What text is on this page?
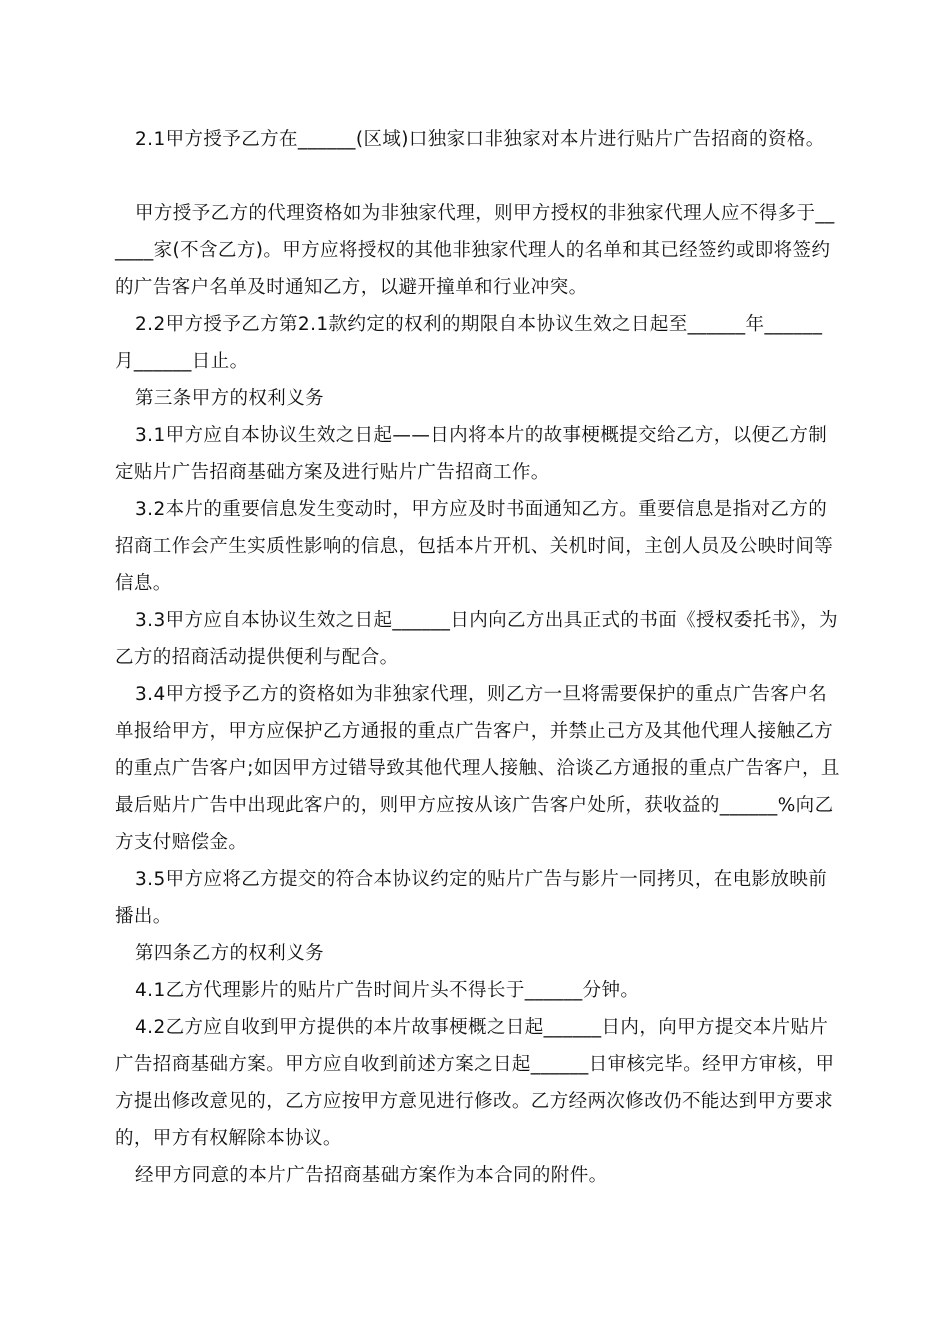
2.1甲方授予乙方在______(区域)口独家口非独家对本片进行贴片广告招商的资格。

甲方授予乙方的代理资格如为非独家代理，则甲方授权的非独家代理人应不得多于______家(不含乙方)。甲方应将授权的其他非独家代理人的名单和其已经签约或即将签约的广告客户名单及时通知乙方，以避开撞单和行业冲突。

2.2甲方授予乙方第2.1款约定的权利的期限自本协议生效之日起至______年______月______日止。

第三条甲方的权利义务

3.1甲方应自本协议生效之日起——日内将本片的故事梗概提交给乙方，以便乙方制定贴片广告招商基础方案及进行贴片广告招商工作。

3.2本片的重要信息发生变动时，甲方应及时书面通知乙方。重要信息是指对乙方的招商工作会产生实质性影响的信息，包括本片开机、关机时间，主创人员及公映时间等信息。

3.3甲方应自本协议生效之日起______日内向乙方出具正式的书面《授权委托书》，为乙方的招商活动提供便利与配合。

3.4甲方授予乙方的资格如为非独家代理，则乙方一旦将需要保护的重点广告客户名单报给甲方，甲方应保护乙方通报的重点广告客户，并禁止己方及其他代理人接触乙方的重点广告客户;如因甲方过错导致其他代理人接触、洽谈乙方通报的重点广告客户，且最后贴片广告中出现此客户的，则甲方应按从该广告客户处所，获收益的______%向乙方支付赔偿金。

3.5甲方应将乙方提交的符合本协议约定的贴片广告与影片一同拷贝，在电影放映前播出。

第四条乙方的权利义务

4.1乙方代理影片的贴片广告时间片头不得长于______分钟。

4.2乙方应自收到甲方提供的本片故事梗概之日起______日内，向甲方提交本片贴片广告招商基础方案。甲方应自收到前述方案之日起______日审核完毕。经甲方审核，甲方提出修改意见的，乙方应按甲方意见进行修改。乙方经两次修改仍不能达到甲方要求的，甲方有权解除本协议。

经甲方同意的本片广告招商基础方案作为本合同的附件。
